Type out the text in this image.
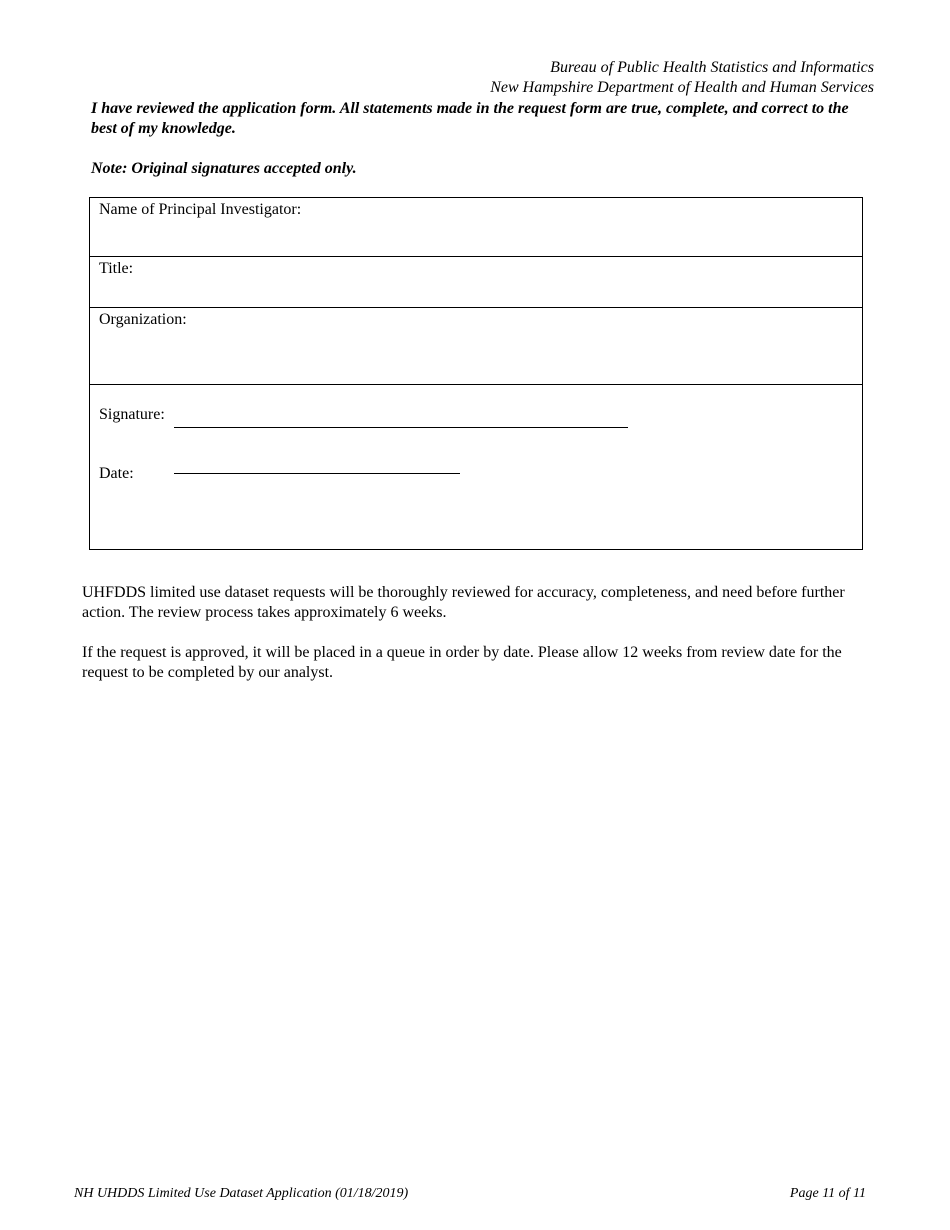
Bureau of Public Health Statistics and Informatics
New Hampshire Department of Health and Human Services
I have reviewed the application form. All statements made in the request form are true, complete, and correct to the best of my knowledge.
Note: Original signatures accepted only.
Name of Principal Investigator:
Title:
Organization:
Signature:
Date:
UHFDDS limited use dataset requests will be thoroughly reviewed for accuracy, completeness, and need before further action. The review process takes approximately 6 weeks.
If the request is approved, it will be placed in a queue in order by date. Please allow 12 weeks from review date for the request to be completed by our analyst.
NH UHDDS Limited Use Dataset Application (01/18/2019)	Page 11 of 11
